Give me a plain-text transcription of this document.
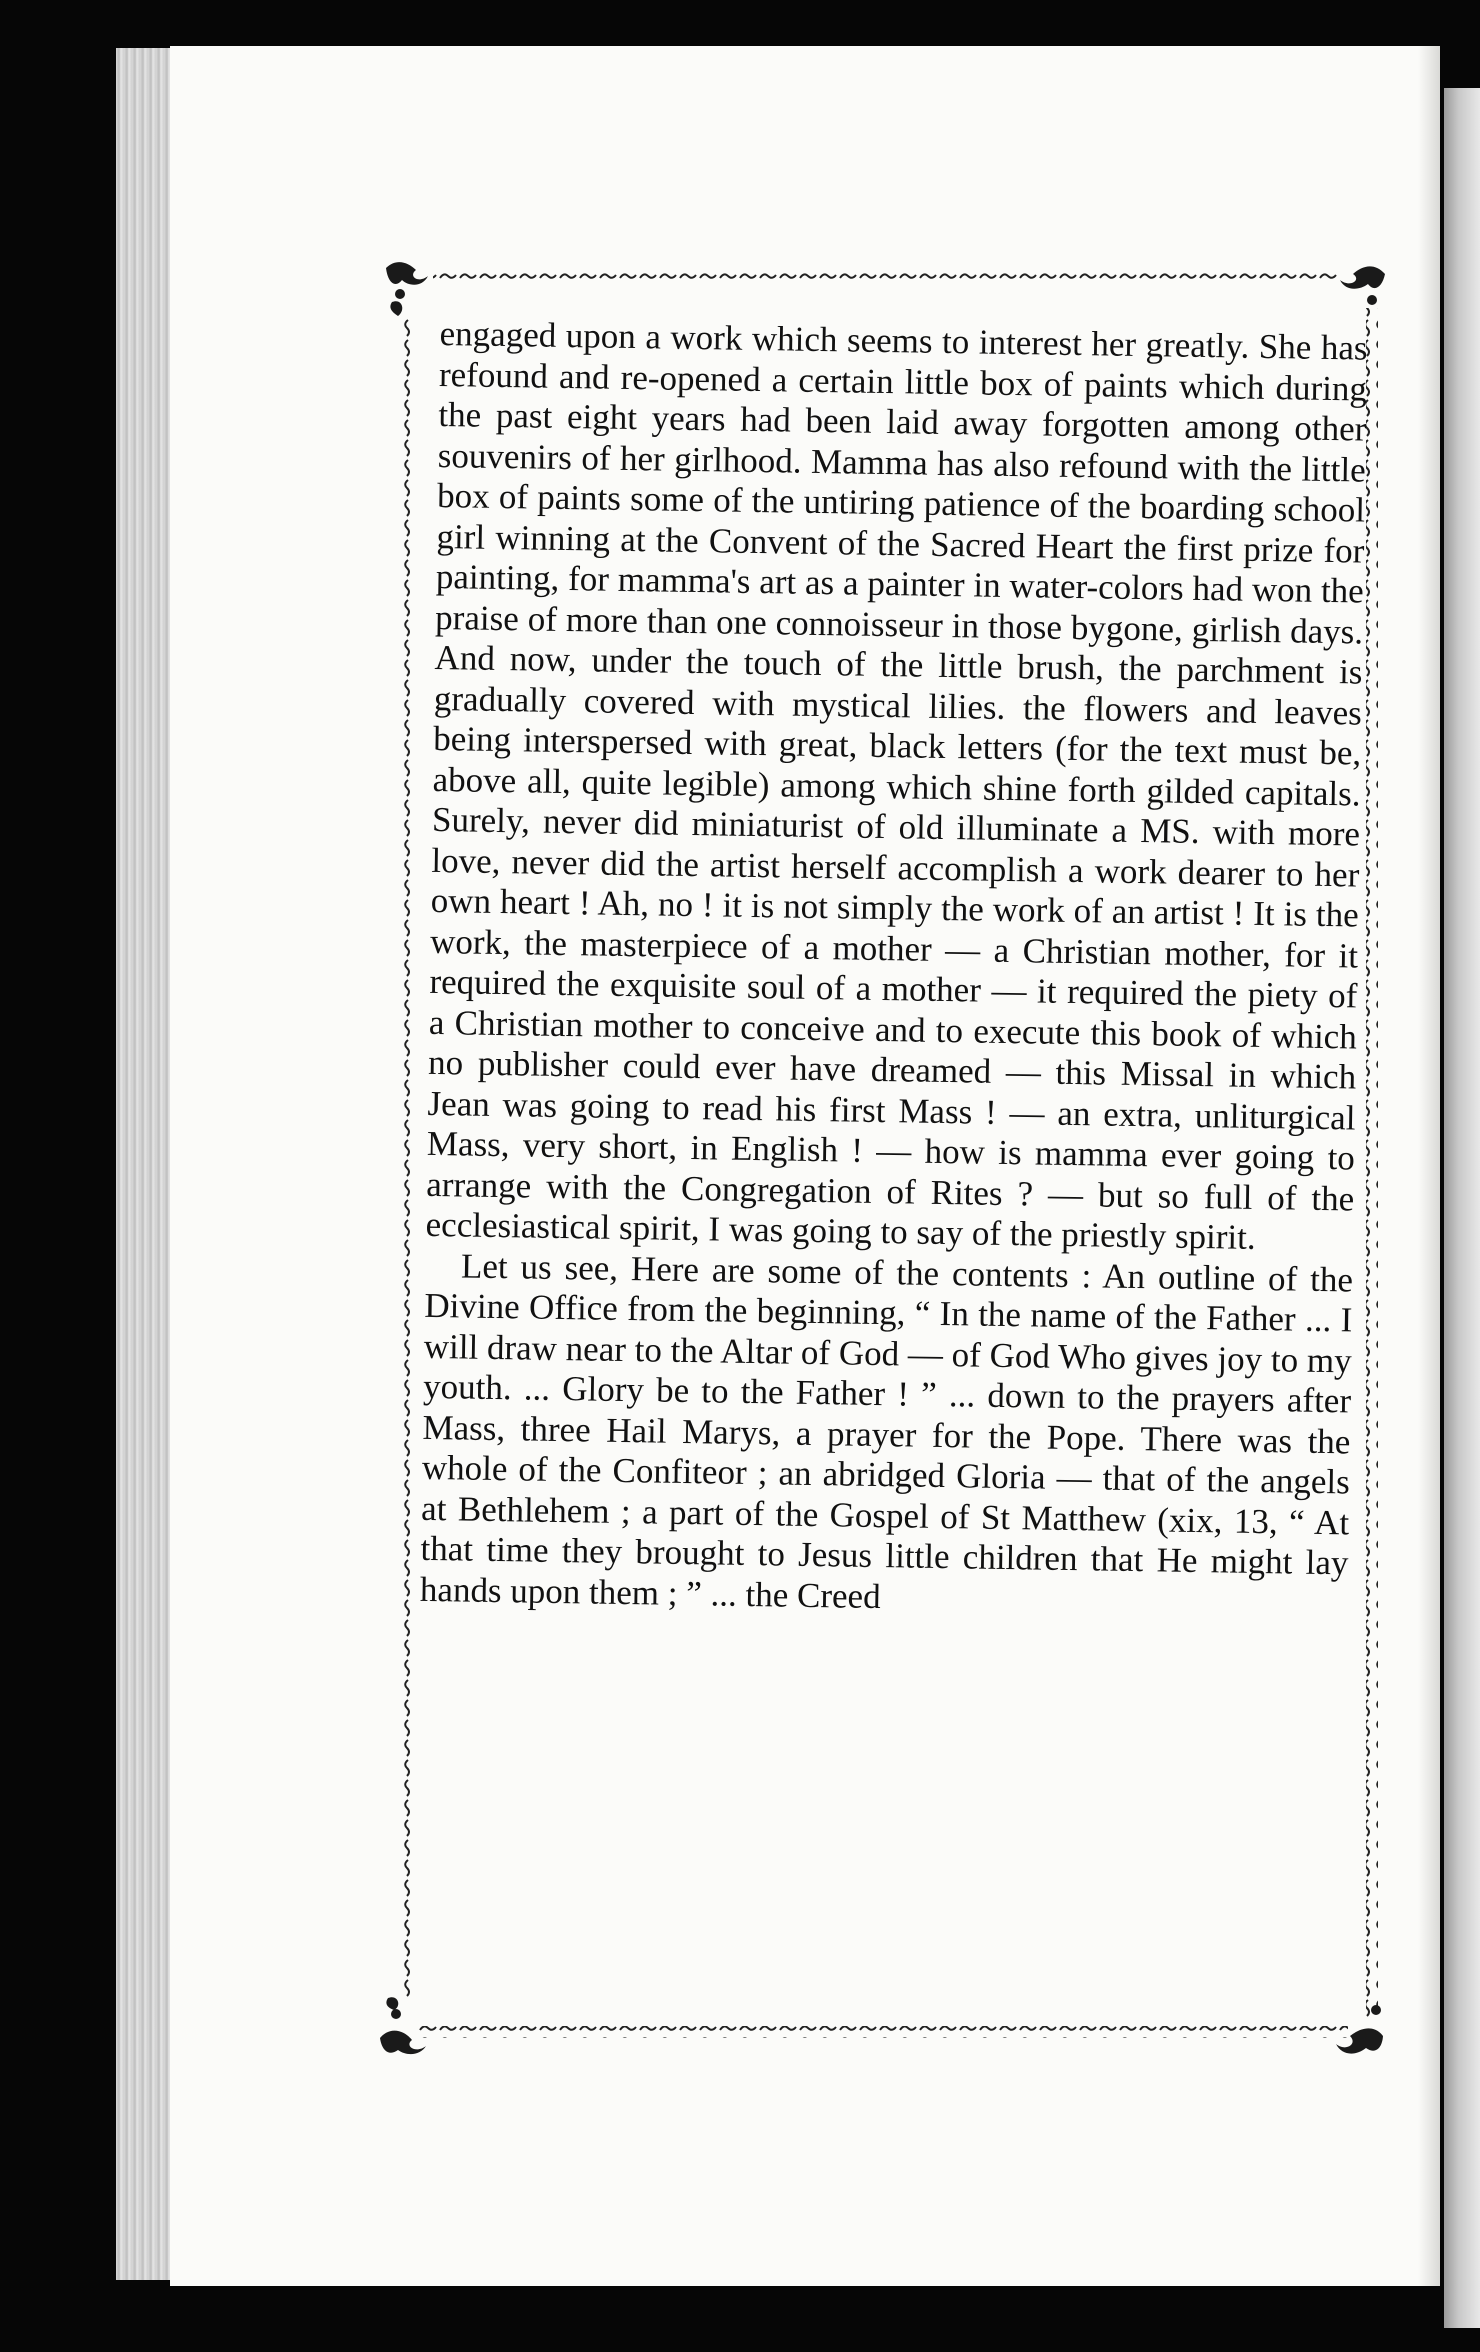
engaged upon a work which seems to interest her greatly. She has refound and re-opened a certain little box of paints which during the past eight years had been laid away forgotten among other souvenirs of her girlhood. Mamma has also refound with the little box of paints some of the untiring patience of the boarding school girl winning at the Convent of the Sacred Heart the first prize for painting, for mamma's art as a painter in water-colors had won the praise of more than one connoisseur in those bygone, girlish days. And now, under the touch of the little brush, the parchment is gradually covered with mystical lilies. the flowers and leaves being interspersed with great, black letters (for the text must be, above all, quite legible) among which shine forth gilded capitals. Surely, never did miniaturist of old illuminate a MS. with more love, never did the artist herself accomplish a work dearer to her own heart ! Ah, no ! it is not simply the work of an artist ! It is the work, the masterpiece of a mother — a Christian mother, for it required the exquisite soul of a mother — it required the piety of a Christian mother to conceive and to execute this book of which no publisher could ever have dreamed — this Missal in which Jean was going to read his first Mass ! — an extra, unliturgical Mass, very short, in English ! — how is mamma ever going to arrange with the Congregation of Rites ? — but so full of the ecclesiastical spirit, I was going to say of the priestly spirit.

Let us see, Here are some of the contents : An outline of the Divine Office from the beginning, “ In the name of the Father ... I will draw near to the Altar of God — of God Who gives joy to my youth. ... Glory be to the Father ! ” ... down to the prayers after Mass, three Hail Marys, a prayer for the Pope. There was the whole of the Confiteor ; an abridged Gloria — that of the angels at Bethlehem ; a part of the Gospel of St Matthew (xix, 13, “ At that time they brought to Jesus little children that He might lay hands upon them ; ” ... the Creed
